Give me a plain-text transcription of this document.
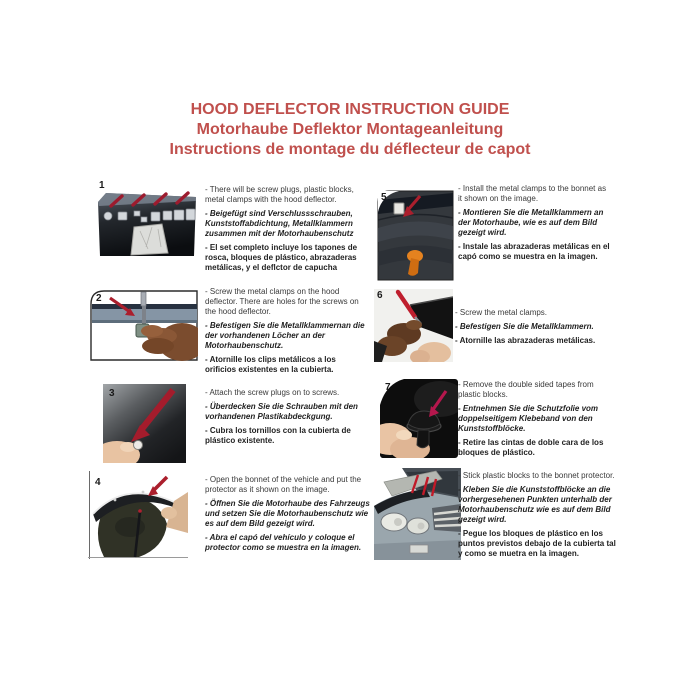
HOOD DEFLECTOR INSTRUCTION GUIDE
Motorhaube Deflektor Montageanleitung
Instructions de montage du déflecteur de capot
1	- There will be screw plugs, plastic blocks, metal clamps with the hood deflector.

- Beigefügt sind Verschlussschrauben, Kunststoffabdichtung, Metallklammern zusammen mit der Motorhaubenschutz

- El set completo incluye los tapones de rosca, bloques de plástico, abrazaderas metálicas, y el deflctor de capucha

2

- Screw the metal clamps on the hood deflector. There are holes for the screws on the hood deflector.

- Befestigen Sie die Metallklammernan die der vorhandenen Löcher an der Motorhaubenschutz.

- Atornille los clips metálicos a los orificios existentes en la cubierta.

3	- Attach the screw plugs on to screws.

- Überdecken Sie die Schrauben mit den vorhandenen Plastikabdeckgung.

- Cubra los tornillos con la cubierta de plástico existente.

4	- Open the bonnet of the vehicle and put the protector as it shown on the image.

- Öffnen Sie die Motorhaube des Fahrzeugs und setzen Sie die Motorhaubenschutz wie es auf dem Bild gezeigt wird.

- Abra el capó del vehículo y coloque el protector como se muestra en la imagen.

5

- Install the metal clamps to the bonnet as it shown on the image.

- Montieren Sie die Metallklammern an der Motorhaube, wie es auf dem Bild gezeigt wird.

- Instale las abrazaderas metálicas en el capó como se muestra en la imagen.

6

- Screw the metal clamps.

- Befestigen Sie die Metallklammern.

- Atornille las abrazaderas metálicas.

7	- Remove the double sided tapes from plastic blocks.

- Entnehmen Sie die Schutzfolie vom doppelseitigem Klebeband von den Kunststoffblöcke.

- Retire las cintas de doble cara de los bloques de plástico.

- Stick plastic blocks to the bonnet protector.

- Kleben Sie die Kunststoffblöcke an die vorhergesehenen Punkten unterhalb der Motorhaubenschutz wie es auf dem Bild gezeigt wird.

- Pegue los bloques de plástico en los puntos previstos debajo de la cubierta tal y como se muetra en la imagen.
